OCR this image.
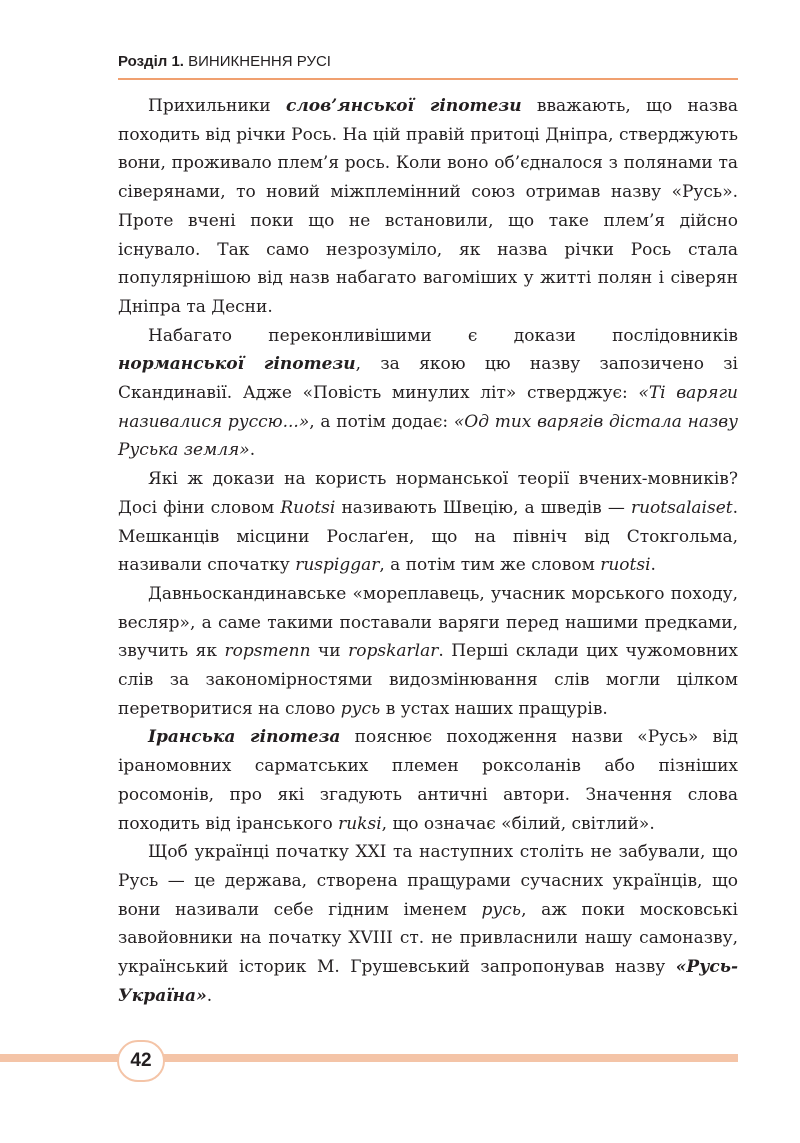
Розділ 1. ВИНИКНЕННЯ РУСІ

Прихильники слов’янської гіпотези вважають, що назва походить від річки Рось. На цій правій притоці Дніпра, стверджують вони, проживало плем’я рось. Коли воно об’єдналося з полянами та сіверянами, то новий міжплемінний союз отримав назву «Русь». Проте вчені поки що не встановили, що таке плем’я дійсно існувало. Так само незрозуміло, як назва річки Рось стала популярнішою від назв набагато вагоміших у житті полян і сіверян Дніпра та Десни.

Набагато переконливішими є докази послідовників норманської гіпотези, за якою цю назву запозичено зі Скандинавії. Адже «Повість минулих літ» стверджує: «Ті варяги називалися руссю...», а потім додає: «Од тих варягів дістала назву Руська земля».

Які ж докази на користь норманської теорії вчених-мовників? Досі фіни словом Ruotsi називають Швецію, а шведів — ruotsalaiset. Мешканців місцини Рослаґен, що на північ від Стокгольма, називали спочатку ruspiggar, а потім тим же словом ruotsi.

Давньоскандинавське «мореплавець, учасник морського походу, весляр», а саме такими поставали варяги перед нашими предками, звучить як ropsmenn чи ropskarlar. Перші склади цих чужомовних слів за закономірностями видозмінювання слів могли цілком перетворитися на слово русь в устах наших пращурів.

Іранська гіпотеза пояснює походження назви «Русь» від іраномовних сарматських племен роксоланів або пізніших росомонів, про які згадують античні автори. Значення слова походить від іранського ruksi, що означає «білий, світлий».

Щоб українці початку XXI та наступних століть не забували, що Русь — це держава, створена пращурами сучасних українців, що вони називали себе гідним іменем русь, аж поки московські завойовники на початку XVIII ст. не привласнили нашу самоназву, український історик М. Грушевський запропонував назву «Русь-Україна».

42
